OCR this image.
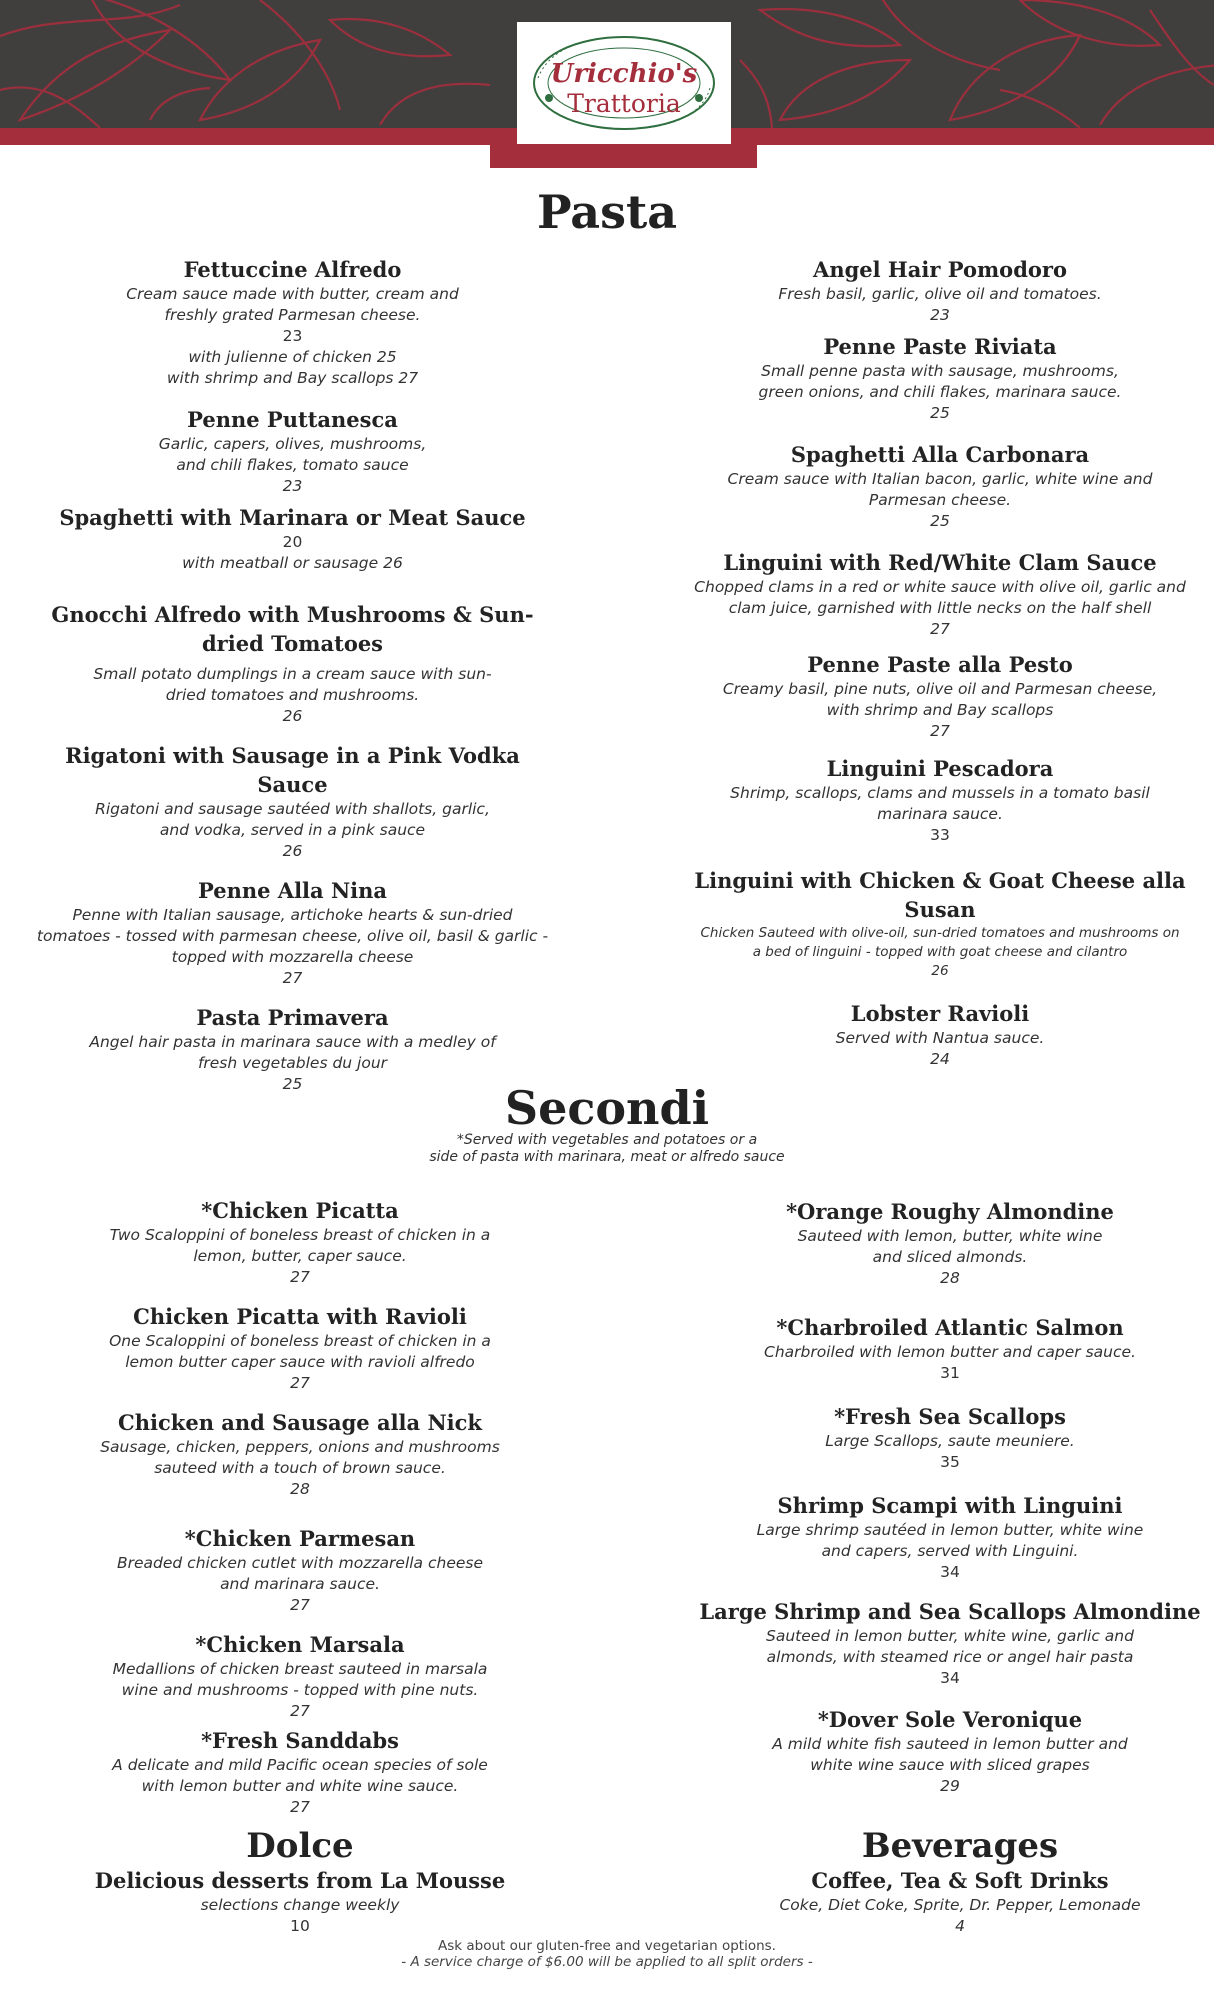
Uricchio's
Trattoria
Pasta
Fettuccine Alfredo
Cream sauce made with butter, cream and
freshly grated Parmesan cheese.
23
with julienne of chicken 25
with shrimp and Bay scallops 27
Penne Puttanesca
Garlic, capers, olives, mushrooms,
and chili flakes, tomato sauce
23
Spaghetti with Marinara or Meat Sauce
20
with meatball or sausage 26
Gnocchi Alfredo with Mushrooms & Sun-
dried Tomatoes
Small potato dumplings in a cream sauce with sun-
dried tomatoes and mushrooms.
26
Rigatoni with Sausage in a Pink Vodka Sauce
Rigatoni and sausage sautéed with shallots, garlic,
and vodka, served in a pink sauce
26
Penne Alla Nina
Penne with Italian sausage, artichoke hearts & sun-dried
tomatoes - tossed with parmesan cheese, olive oil, basil & garlic -
topped with mozzarella cheese
27
Pasta Primavera
Angel hair pasta in marinara sauce with a medley of
fresh vegetables du jour
25
Angel Hair Pomodoro
Fresh basil, garlic, olive oil and tomatoes.
23
Penne Paste Riviata
Small penne pasta with sausage, mushrooms,
green onions, and chili flakes, marinara sauce.
25
Spaghetti Alla Carbonara
Cream sauce with Italian bacon, garlic, white wine and
Parmesan cheese.
25
Linguini with Red/White Clam Sauce
Chopped clams in a red or white sauce with olive oil, garlic and
clam juice, garnished with little necks on the half shell
27
Penne Paste alla Pesto
Creamy basil, pine nuts, olive oil and Parmesan cheese,
with shrimp and Bay scallops
27
Linguini Pescadora
Shrimp, scallops, clams and mussels in a tomato basil
marinara sauce.
33
Linguini with Chicken & Goat Cheese alla
Susan
Chicken Sauteed with olive-oil, sun-dried tomatoes and mushrooms on
a bed of linguini - topped with goat cheese and cilantro
26
Lobster Ravioli
Served with Nantua sauce.
24
Secondi
*Served with vegetables and potatoes or a
side of pasta with marinara, meat or alfredo sauce
*Chicken Picatta
Two Scaloppini of boneless breast of chicken in a
lemon, butter, caper sauce.
27
Chicken Picatta with Ravioli
One Scaloppini of boneless breast of chicken in a
lemon butter caper sauce with ravioli alfredo
27
Chicken and Sausage alla Nick
Sausage, chicken, peppers, onions and mushrooms
sauteed with a touch of brown sauce.
28
*Chicken Parmesan
Breaded chicken cutlet with mozzarella cheese
and marinara sauce.
27
*Chicken Marsala
Medallions of chicken breast sauteed in marsala
wine and mushrooms - topped with pine nuts.
27
*Fresh Sanddabs
A delicate and mild Pacific ocean species of sole
with lemon butter and white wine sauce.
27
*Orange Roughy Almondine
Sauteed with lemon, butter, white wine
and sliced almonds.
28
*Charbroiled Atlantic Salmon
Charbroiled with lemon butter and caper sauce.
31
*Fresh Sea Scallops
Large Scallops, saute meuniere.
35
Shrimp Scampi with Linguini
Large shrimp sautéed in lemon butter, white wine
and capers, served with Linguini.
34
Large Shrimp and Sea Scallops Almondine
Sauteed in lemon butter, white wine, garlic and
almonds, with steamed rice or angel hair pasta
34
*Dover Sole Veronique
A mild white fish sauteed in lemon butter and
white wine sauce with sliced grapes
29
Dolce
Delicious desserts from La Mousse
selections change weekly
10
Beverages
Coffee, Tea & Soft Drinks
Coke, Diet Coke, Sprite, Dr. Pepper, Lemonade
4
Ask about our gluten-free and vegetarian options.
- A service charge of $6.00 will be applied to all split orders -
